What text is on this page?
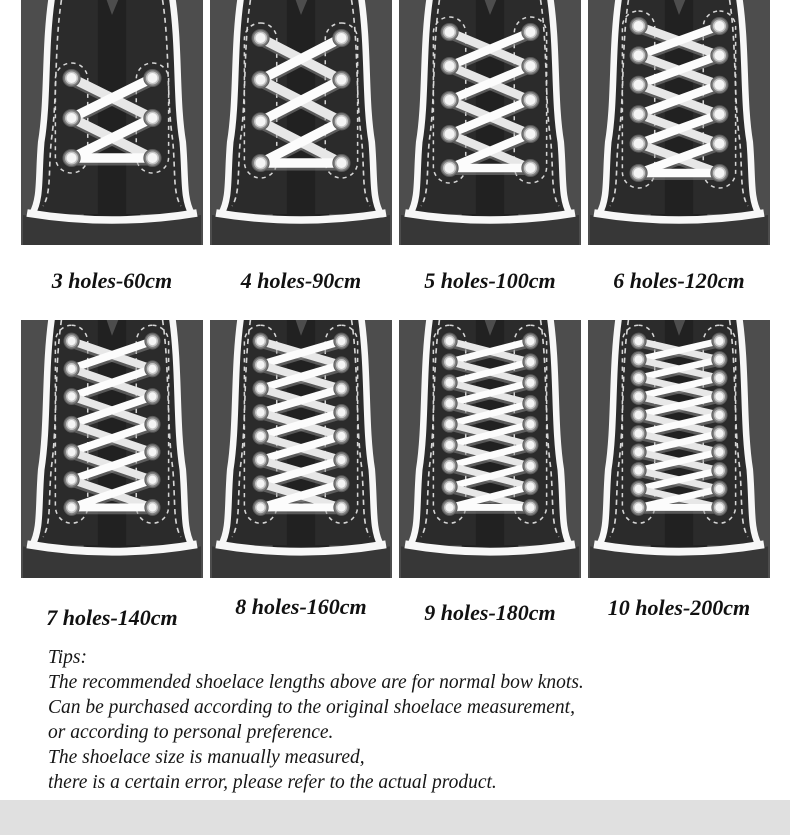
3 holes-60cm	4 holes-90cm	5 holes-100cm	6 holes-120cm
7 holes-140cm	8 holes-160cm	9 holes-180cm	10 holes-200cm
Tips:
The recommended shoelace lengths above are for normal bow knots.
Can be purchased according to the original shoelace measurement,
or according to personal preference.
The shoelace size is manually measured,
there is a certain error, please refer to the actual product.
